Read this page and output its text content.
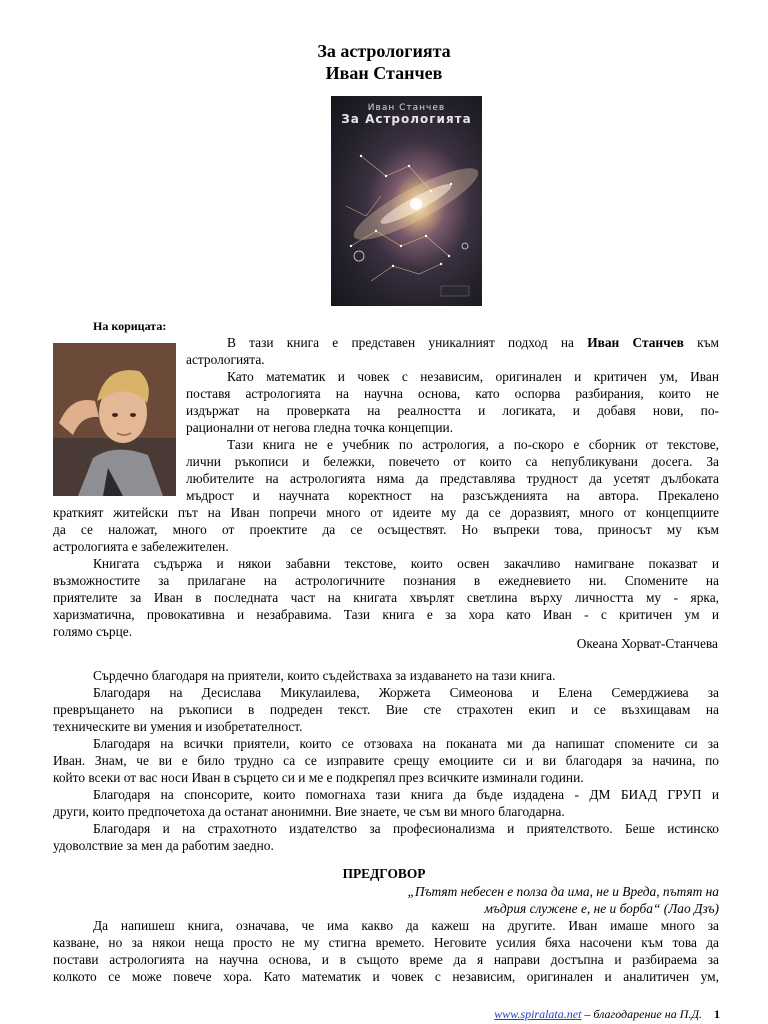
За астрологията
Иван Станчев
Иван Станчев
За Астрологията
На корицата:
В тази книга е представен уникалният подход на Иван Станчев към
астрологията.
Като математик и човек с независим, оригинален и критичен ум, Иван
поставя астрологията на научна основа, като оспорва разбирания, които не
издържат на проверката на реалността и логиката, и добавя нови, по-
рационални от негова гледна точка концепции.
Тази книга не е учебник по астрология, а по-скоро е сборник от текстове,
лични ръкописи и бележки, повечето от които са непубликувани досега. За
любителите на астрологията няма да представлява трудност да усетят дълбоката
мъдрост и научната коректност на разсъжденията на автора. Прекалено
краткият житейски път на Иван попречи много от идеите му да се доразвият, много от концепциите
да се наложат, много от проектите да се осъществят. Но въпреки това, приносът му към
астрологията е забележителен.
Книгата съдържа и някои забавни текстове, които освен закачливо намигване показват и
възможностите за прилагане на астрологичните познания в ежедневието ни. Спомените на
приятелите за Иван в последната част на книгата хвърлят светлина върху личността му - ярка,
харизматична, провокативна и незабравима. Тази книга е за хора като Иван - с критичен ум и
голямо сърце.
Океана Хорват-Станчева
Сърдечно благодаря на приятели, които съдействаха за издаването на тази книга.
Благодаря на Десислава Микулаилева, Жоржета Симеонова и Елена Семерджиева за
превръщането на ръкописи в подреден текст. Вие сте страхотен екип и се възхищавам на
техническите ви умения и изобретателност.
Благодаря на всички приятели, които се отзоваха на поканата ми да напишат спомените си за
Иван. Знам, че ви е било трудно са се изправите срещу емоциите си и ви благодаря за начина, по
който всеки от вас носи Иван в сърцето си и ме е подкрепял през всичките изминали години.
Благодаря на спонсорите, които помогнаха тази книга да бъде издадена - ДМ БИАД ГРУП и
други, които предпочетоха да останат анонимни. Вие знаете, че съм ви много благодарна.
Благодаря и на страхотното издателство за професионализма и приятелството. Беше истинско
удоволствие за мен да работим заедно.
ПРЕДГОВОР
„Пътят небесен е полза да има, не и Вреда, пътят на
мъдрия служене е, не и борба“ (Лао Дзъ)
Да напишеш книга, означава, че има какво да кажеш на другите. Иван имаше много за
казване, но за някои неща просто не му стигна времето. Неговите усилия бяха насочени към това да
постави астрологията на научна основа, и в същото време да я направи достъпна и разбираема за
колкото се може повече хора. Като математик и човек с независим, оригинален и аналитичен ум,
www.spiralata.net – благодарение на П.Д. 1
